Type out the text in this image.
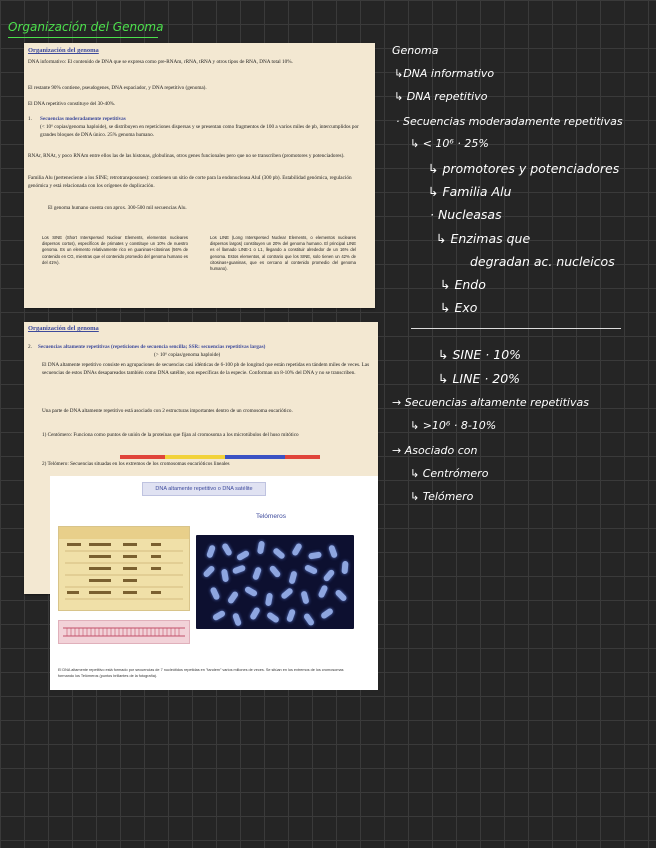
Organización del Genoma
Organización del genoma
DNA informativo: El contenido de DNA que se expresa como pre-RNAm, rRNA, tRNA y otros tipos de RNA, DNA total 10%.
El restante 90% contiene, pseudogenes, DNA espaciador, y DNA repetitivo (genoma).
El DNA repetitivo constituye del 30-40%.
1.	Secuencias moderadamente repetitivas
(< 10⁶ copias/genoma haploide), se distribuyen en repeticiones dispersas y se presentan como fragmentos de 100 a varios miles de pb, intercumplidos por grandes bloques de DNA único. 25% genoma humano.
RNAr, RNAt, y poco RNAm entre ellos las de las histonas, globulinas, otros genes funcionales pero que no se transcriben (promotores y potenciadores).
Familia Alu (perteneciente a los SINE; retrotransposones): contienen un sitio de corte para la endonucleasa AluI (300 pb). Estabilidad genómica, regulación genómica y está relacionada con los orígenes de duplicación.
El genoma humano cuenta con aprox. 300-500 mil secuencias Alu.
Los SINE (Short Interspersed Nuclear Elements, elementos nucleares dispersos cortos), específicos de primates y constituye un 10% de nuestro genoma. Es un elemento relativamente rico en guaninas+citosinas (56% de contenido en CG, mientras que el contenido promedio del genoma humano es del 41%).
Los LINE (Long Interspersed Nuclear Elements, o elementos nucleares dispersos largos) constituyen un 20% del genoma humano. El principal LINE es el llamado LINE-1 o L1, llegando a constituir alrededor de un 16% del genoma. Estos elementos, al contrario que los SINE, solo tienen un 42% de citosinas+guaninas, que es cercano al contenido promedio del genoma humano).
Organización del genoma
2.	Secuencias altamente repetitivas (repeticiones de secuencia sencilla; SSR: secuencias repetitivas largas)
(> 10⁶ copias/genoma haploide)
El DNA altamente repetitivo consiste en agrupaciones de secuencias casi idénticas de 6-100 pb de longitud que están repetidas en tándem miles de veces. Las secuencias de estos DNAs desapareados también como DNA satélite, son específicas de la especie. Conforman un 8-10% del DNA y no se transcriben.
Una parte de DNA altamente repetitivo está asociado con 2 estructuras importantes dentro de un cromosoma eucariótico.
1) Centómero: Funciona como puntos de unión de la proteínas que fijan al cromosoma a los microtúbulos del huso mitótico
2) Telómero: Secuencias situadas en los extremos de los cromosomas eucarióticos lineales
DNA altamente repetitivo o DNA satélite
Telómeros
El DNA altamente repetitivo está formado por secuencias de 7 nucleótidos repetidas en "tandem" varios millones de veces. Se sitúan en los extremos de los cromosomas formando los Telómeros (puntos brillantes de la fotografía).
Genoma
↳DNA informativo
↳ DNA repetitivo
· Secuencias moderadamente repetitivas
↳ < 10⁶ · 25%
↳ promotores y potenciadores
↳ Familia Alu
· Nucleasas
↳ Enzimas que
degradan ac. nucleicos
↳ Endo
↳ Exo
↳ SINE · 10%
↳ LINE · 20%
→ Secuencias altamente repetitivas
↳ >10⁶ · 8-10%
→ Asociado con
↳ Centrómero
↳ Telómero
